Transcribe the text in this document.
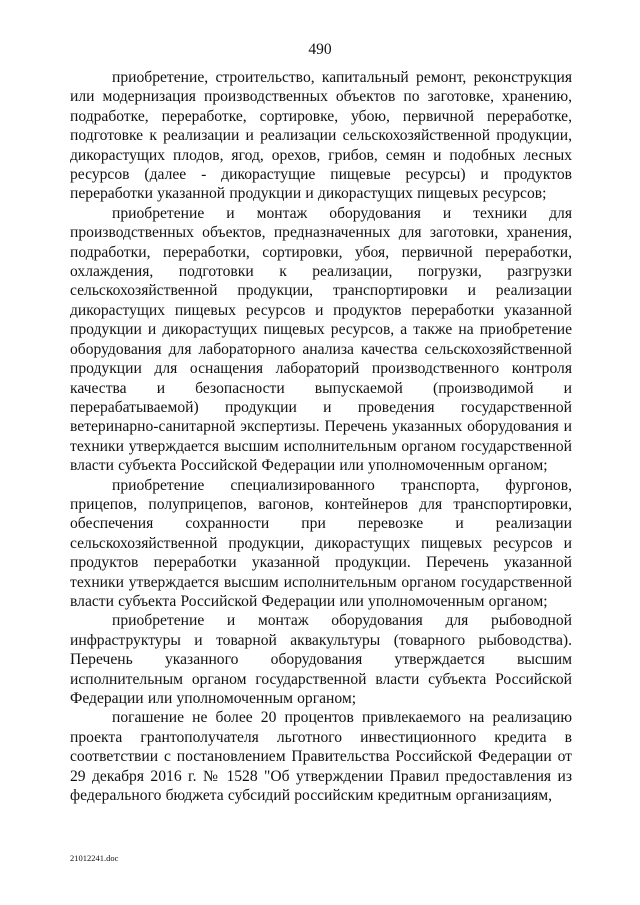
490

приобретение, строительство, капитальный ремонт, реконструкция или модернизация производственных объектов по заготовке, хранению, подработке, переработке, сортировке, убою, первичной переработке, подготовке к реализации и реализации сельскохозяйственной продукции, дикорастущих плодов, ягод, орехов, грибов, семян и подобных лесных ресурсов (далее - дикорастущие пищевые ресурсы) и продуктов переработки указанной продукции и дикорастущих пищевых ресурсов;

приобретение и монтаж оборудования и техники для производственных объектов, предназначенных для заготовки, хранения, подработки, переработки, сортировки, убоя, первичной переработки, охлаждения, подготовки к реализации, погрузки, разгрузки сельскохозяйственной продукции, транспортировки и реализации дикорастущих пищевых ресурсов и продуктов переработки указанной продукции и дикорастущих пищевых ресурсов, а также на приобретение оборудования для лабораторного анализа качества сельскохозяйственной продукции для оснащения лабораторий производственного контроля качества и безопасности выпускаемой (производимой и перерабатываемой) продукции и проведения государственной ветеринарно-санитарной экспертизы. Перечень указанных оборудования и техники утверждается высшим исполнительным органом государственной власти субъекта Российской Федерации или уполномоченным органом;

приобретение специализированного транспорта, фургонов, прицепов, полуприцепов, вагонов, контейнеров для транспортировки, обеспечения сохранности при перевозке и реализации сельскохозяйственной продукции, дикорастущих пищевых ресурсов и продуктов переработки указанной продукции. Перечень указанной техники утверждается высшим исполнительным органом государственной власти субъекта Российской Федерации или уполномоченным органом;

приобретение и монтаж оборудования для рыбоводной инфраструктуры и товарной аквакультуры (товарного рыбоводства). Перечень указанного оборудования утверждается высшим исполнительным органом государственной власти субъекта Российской Федерации или уполномоченным органом;

погашение не более 20 процентов привлекаемого на реализацию проекта грантополучателя льготного инвестиционного кредита в соответствии с постановлением Правительства Российской Федерации от 29 декабря 2016 г. № 1528 "Об утверждении Правил предоставления из федерального бюджета субсидий российским кредитным организациям,

21012241.doc
